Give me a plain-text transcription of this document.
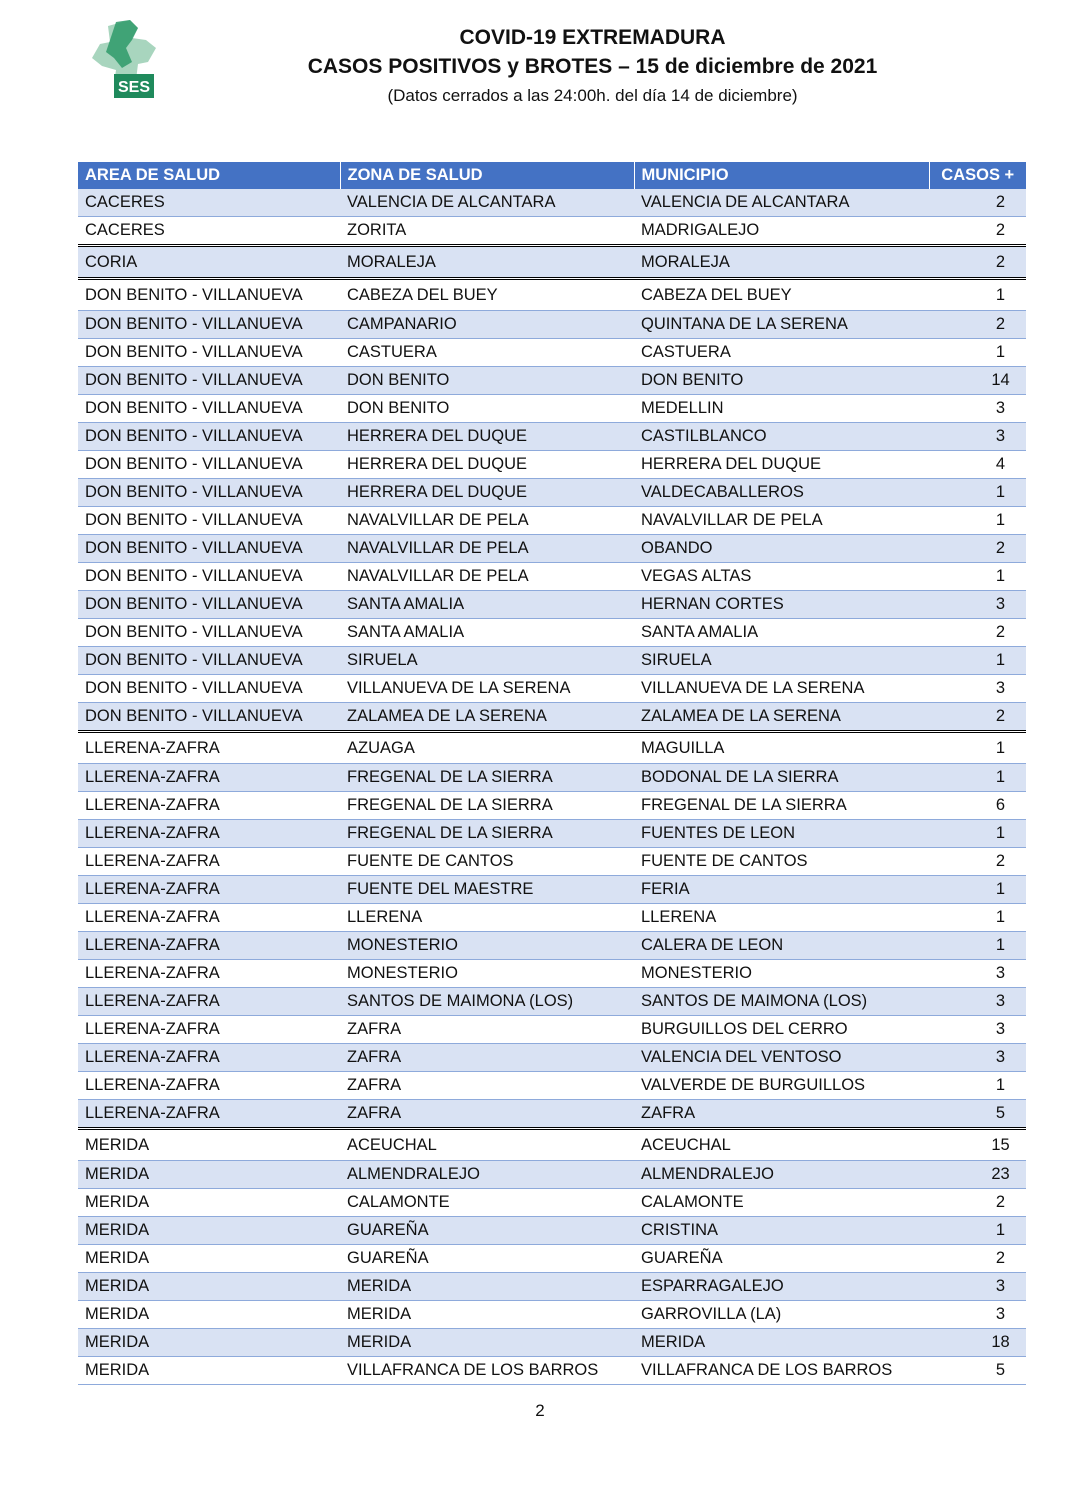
SES
COVID-19 EXTREMADURA
CASOS POSITIVOS y BROTES – 15 de diciembre de 2021
(Datos cerrados a las 24:00h. del día 14 de diciembre)
AREA DE SALUD	ZONA DE SALUD	MUNICIPIO	CASOS +
CACERES	VALENCIA DE ALCANTARA	VALENCIA DE ALCANTARA	2
CACERES	ZORITA	MADRIGALEJO	2
CORIA	MORALEJA	MORALEJA	2
DON BENITO - VILLANUEVA	CABEZA DEL BUEY	CABEZA DEL BUEY	1
DON BENITO - VILLANUEVA	CAMPANARIO	QUINTANA DE LA SERENA	2
DON BENITO - VILLANUEVA	CASTUERA	CASTUERA	1
DON BENITO - VILLANUEVA	DON BENITO	DON BENITO	14
DON BENITO - VILLANUEVA	DON BENITO	MEDELLIN	3
DON BENITO - VILLANUEVA	HERRERA DEL DUQUE	CASTILBLANCO	3
DON BENITO - VILLANUEVA	HERRERA DEL DUQUE	HERRERA DEL DUQUE	4
DON BENITO - VILLANUEVA	HERRERA DEL DUQUE	VALDECABALLEROS	1
DON BENITO - VILLANUEVA	NAVALVILLAR DE PELA	NAVALVILLAR DE PELA	1
DON BENITO - VILLANUEVA	NAVALVILLAR DE PELA	OBANDO	2
DON BENITO - VILLANUEVA	NAVALVILLAR DE PELA	VEGAS ALTAS	1
DON BENITO - VILLANUEVA	SANTA AMALIA	HERNAN CORTES	3
DON BENITO - VILLANUEVA	SANTA AMALIA	SANTA AMALIA	2
DON BENITO - VILLANUEVA	SIRUELA	SIRUELA	1
DON BENITO - VILLANUEVA	VILLANUEVA DE LA SERENA	VILLANUEVA DE LA SERENA	3
DON BENITO - VILLANUEVA	ZALAMEA DE LA SERENA	ZALAMEA DE LA SERENA	2
LLERENA-ZAFRA	AZUAGA	MAGUILLA	1
LLERENA-ZAFRA	FREGENAL DE LA SIERRA	BODONAL DE LA SIERRA	1
LLERENA-ZAFRA	FREGENAL DE LA SIERRA	FREGENAL DE LA SIERRA	6
LLERENA-ZAFRA	FREGENAL DE LA SIERRA	FUENTES DE LEON	1
LLERENA-ZAFRA	FUENTE DE CANTOS	FUENTE DE CANTOS	2
LLERENA-ZAFRA	FUENTE DEL MAESTRE	FERIA	1
LLERENA-ZAFRA	LLERENA	LLERENA	1
LLERENA-ZAFRA	MONESTERIO	CALERA DE LEON	1
LLERENA-ZAFRA	MONESTERIO	MONESTERIO	3
LLERENA-ZAFRA	SANTOS DE MAIMONA (LOS)	SANTOS DE MAIMONA (LOS)	3
LLERENA-ZAFRA	ZAFRA	BURGUILLOS DEL CERRO	3
LLERENA-ZAFRA	ZAFRA	VALENCIA DEL VENTOSO	3
LLERENA-ZAFRA	ZAFRA	VALVERDE DE BURGUILLOS	1
LLERENA-ZAFRA	ZAFRA	ZAFRA	5
MERIDA	ACEUCHAL	ACEUCHAL	15
MERIDA	ALMENDRALEJO	ALMENDRALEJO	23
MERIDA	CALAMONTE	CALAMONTE	2
MERIDA	GUAREÑA	CRISTINA	1
MERIDA	GUAREÑA	GUAREÑA	2
MERIDA	MERIDA	ESPARRAGALEJO	3
MERIDA	MERIDA	GARROVILLA (LA)	3
MERIDA	MERIDA	MERIDA	18
MERIDA	VILLAFRANCA DE LOS BARROS	VILLAFRANCA DE LOS BARROS	5
2
